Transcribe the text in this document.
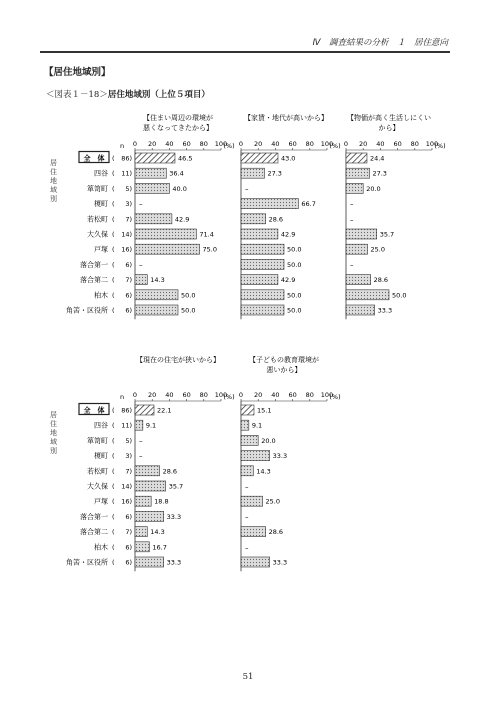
Ⅳ　調査結果の分析　１　居住意向
【居住地域別】
＜図表１－18＞居住地域別（上位５項目）
居住地域別
n
全　体 ( 86)
四谷 ( 11)
箪笥町 ( 5)
榎町 ( 3)
若松町 ( 7)
大久保 ( 14)
戸塚 ( 16)
落合第一 ( 6)
落合第二 ( 7)
柏木 ( 6)
角筈・区役所 ( 6)
【住まい周辺の環境が
悪くなってきたから】
0 20 40 60 80 100
(%)
46.5
36.4
40.0
–
42.9
71.4
75.0
–
14.3
50.0
50.0
【家賃・地代が高いから】
0 20 40 60 80 100
(%)
43.0
27.3
–
66.7
28.6
42.9
50.0
50.0
42.9
50.0
50.0
【物価が高く生活しにくい
から】
0 20 40 60 80 100
(%)
24.4
27.3
20.0
–
–
35.7
25.0
–
28.6
50.0
33.3
居住地域別
n
全　体 ( 86)
四谷 ( 11)
箪笥町 ( 5)
榎町 ( 3)
若松町 ( 7)
大久保 ( 14)
戸塚 ( 16)
落合第一 ( 6)
落合第二 ( 7)
柏木 ( 6)
角筈・区役所 ( 6)
【現在の住宅が狭いから】
0 20 40 60 80 100
(%)
22.1
9.1
–
–
28.6
35.7
18.8
33.3
14.3
16.7
33.3
【子どもの教育環境が
悪いから】
0 20 40 60 80 100
(%)
15.1
9.1
20.0
33.3
14.3
–
25.0
–
28.6
–
33.3
51
